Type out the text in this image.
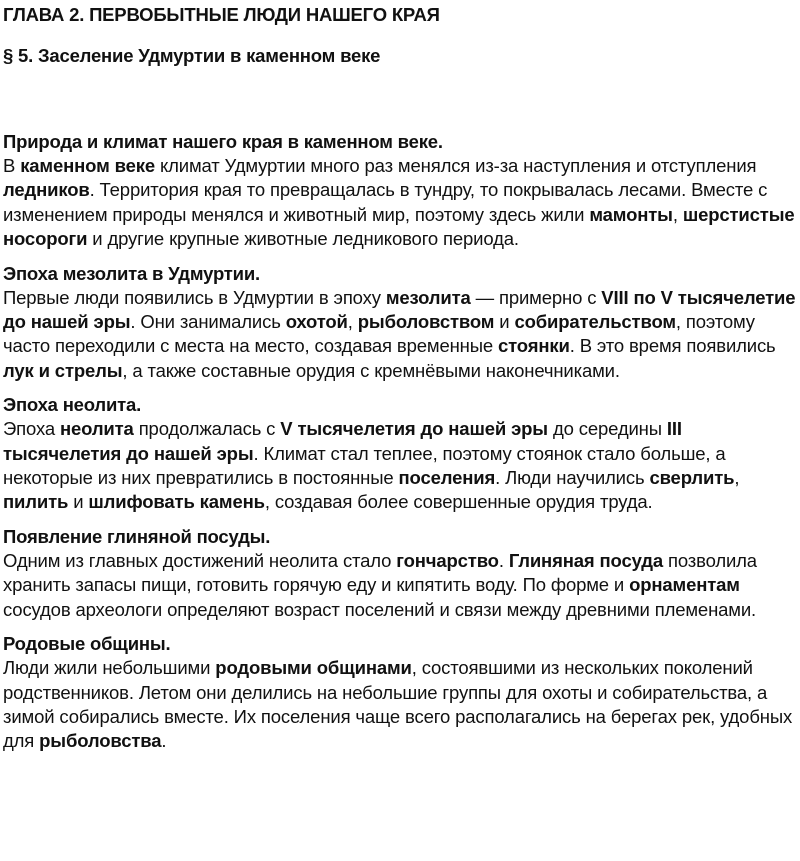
ГЛАВА 2. ПЕРВОБЫТНЫЕ ЛЮДИ НАШЕГО КРАЯ
§ 5. Заселение Удмуртии в каменном веке

Природа и климат нашего края в каменном веке.

В каменном веке климат Удмуртии много раз менялся из-за наступления и отступления ледников. Территория края то превращалась в тундру, то покрывалась лесами. Вместе с изменением природы менялся и животный мир, поэтому здесь жили мамонты, шерстистые носороги и другие крупные животные ледникового периода.

Эпоха мезолита в Удмуртии.

Первые люди появились в Удмуртии в эпоху мезолита — примерно с VIII по V тысячелетие до нашей эры. Они занимались охотой, рыболовством и собирательством, поэтому часто переходили с места на место, создавая временные стоянки. В это время появились лук и стрелы, а также составные орудия с кремнёвыми наконечниками.

Эпоха неолита.

Эпоха неолита продолжалась с V тысячелетия до нашей эры до середины III тысячелетия до нашей эры. Климат стал теплее, поэтому стоянок стало больше, а некоторые из них превратились в постоянные поселения. Люди научились сверлить, пилить и шлифовать камень, создавая более совершенные орудия труда.

Появление глиняной посуды.

Одним из главных достижений неолита стало гончарство. Глиняная посуда позволила хранить запасы пищи, готовить горячую еду и кипятить воду. По форме и орнаментам сосудов археологи определяют возраст поселений и связи между древними племенами.

Родовые общины.

Люди жили небольшими родовыми общинами, состоявшими из нескольких поколений родственников. Летом они делились на небольшие группы для охоты и собирательства, а зимой собирались вместе. Их поселения чаще всего располагались на берегах рек, удобных для рыболовства.
